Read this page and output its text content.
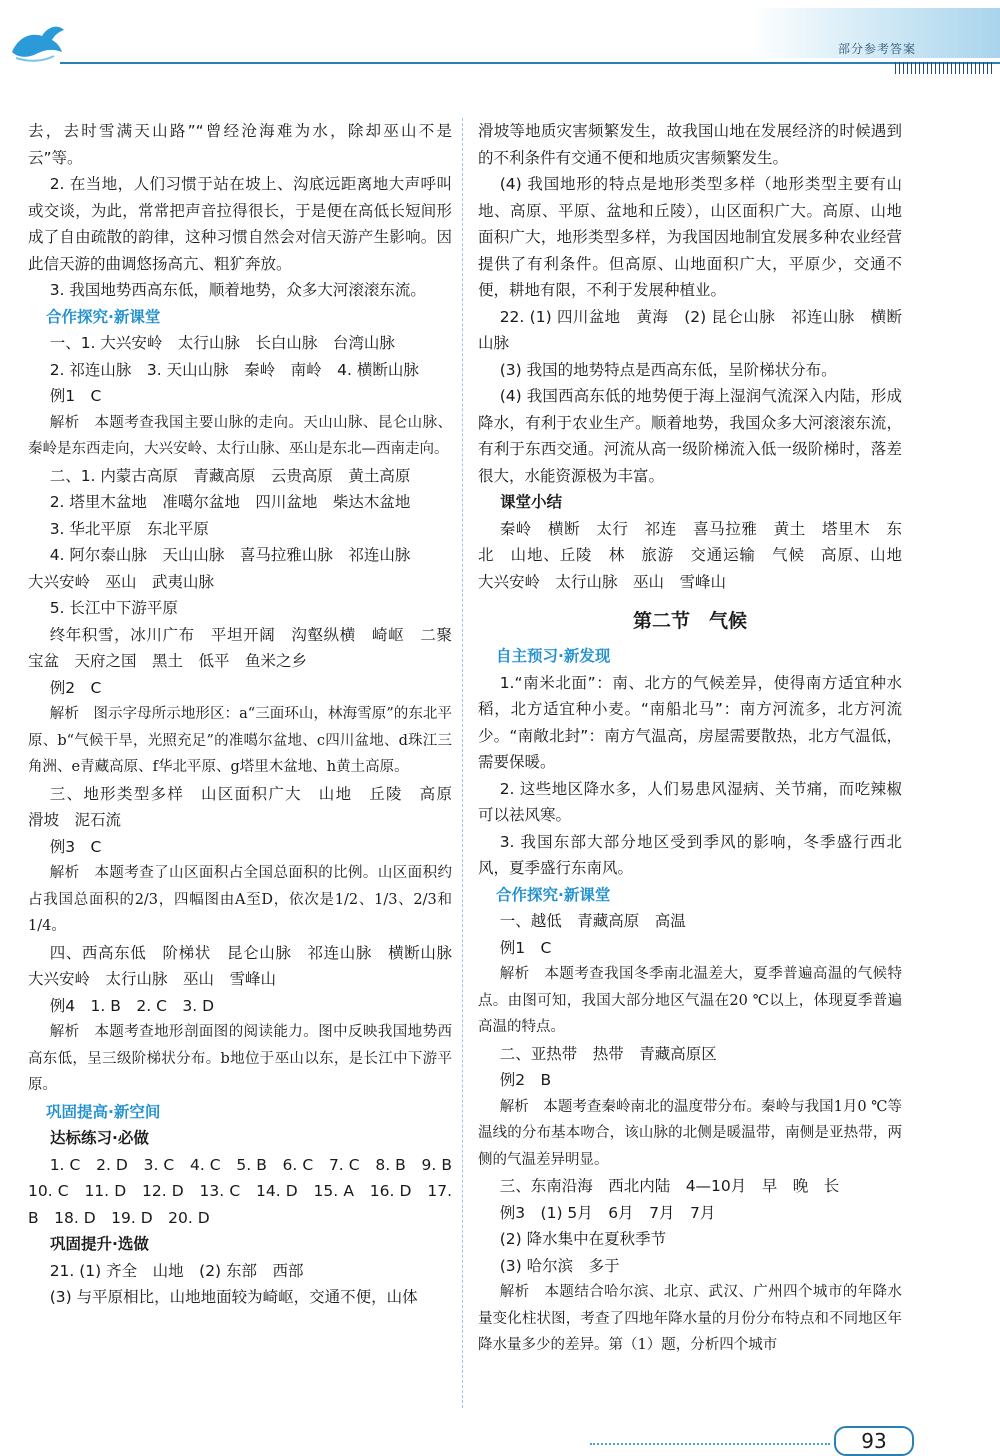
部分参考答案

去，去时雪满天山路”“曾经沧海难为水，除却巫山不是云”等。

2. 在当地，人们习惯于站在坡上、沟底远距离地大声呼叫或交谈，为此，常常把声音拉得很长，于是便在高低长短间形成了自由疏散的韵律，这种习惯自然会对信天游产生影响。因此信天游的曲调悠扬高亢、粗犷奔放。

3. 我国地势西高东低，顺着地势，众多大河滚滚东流。

合作探究·新课堂

一、1. 大兴安岭　太行山脉　长白山脉　台湾山脉

2. 祁连山脉　3. 天山山脉　秦岭　南岭　4. 横断山脉

例1　C

解析　本题考查我国主要山脉的走向。天山山脉、昆仑山脉、秦岭是东西走向，大兴安岭、太行山脉、巫山是东北—西南走向。

二、1. 内蒙古高原　青藏高原　云贵高原　黄土高原

2. 塔里木盆地　准噶尔盆地　四川盆地　柴达木盆地

3. 华北平原　东北平原

4. 阿尔泰山脉　天山山脉　喜马拉雅山脉　祁连山脉

大兴安岭　巫山　武夷山脉

5. 长江中下游平原

终年积雪，冰川广布　平坦开阔　沟壑纵横　崎岖　二聚宝盆　天府之国　黑土　低平　鱼米之乡

例2　C

解析　图示字母所示地形区：a“三面环山，林海雪原”的东北平原、b“气候干旱，光照充足”的准噶尔盆地、c四川盆地、d珠江三角洲、e青藏高原、f华北平原、g塔里木盆地、h黄土高原。

三、地形类型多样　山区面积广大　山地　丘陵　高原　滑坡　泥石流

例3　C

解析　本题考查了山区面积占全国总面积的比例。山区面积约占我国总面积的2/3，四幅图由A至D，依次是1/2、1/3、2/3和1/4。

四、西高东低　阶梯状　昆仑山脉　祁连山脉　横断山脉　大兴安岭　太行山脉　巫山　雪峰山

例4　1. B　2. C　3. D

解析　本题考查地形剖面图的阅读能力。图中反映我国地势西高东低，呈三级阶梯状分布。b地位于巫山以东，是长江中下游平原。

巩固提高·新空间

达标练习·必做

1. C　2. D　3. C　4. C　5. B　6. C　7. C　8. B　9. B　10. C　11. D　12. D　13. C　14. D　15. A　16. D　17. B　18. D　19. D　20. D

巩固提升·选做

21. (1) 齐全　山地　(2) 东部　西部

(3) 与平原相比，山地地面较为崎岖，交通不便，山体

滑坡等地质灾害频繁发生，故我国山地在发展经济的时候遇到的不利条件有交通不便和地质灾害频繁发生。

(4) 我国地形的特点是地形类型多样（地形类型主要有山地、高原、平原、盆地和丘陵），山区面积广大。高原、山地面积广大，地形类型多样，为我国因地制宜发展多种农业经营提供了有利条件。但高原、山地面积广大，平原少，交通不便，耕地有限，不利于发展种植业。

22. (1) 四川盆地　黄海　(2) 昆仑山脉　祁连山脉　横断山脉

(3) 我国的地势特点是西高东低，呈阶梯状分布。

(4) 我国西高东低的地势便于海上湿润气流深入内陆，形成降水，有利于农业生产。顺着地势，我国众多大河滚滚东流，有利于东西交通。河流从高一级阶梯流入低一级阶梯时，落差很大，水能资源极为丰富。

课堂小结

秦岭　横断　太行　祁连　喜马拉雅　黄土　塔里木　东北　山地、丘陵　林　旅游　交通运输　气候　高原、山地　大兴安岭　太行山脉　巫山　雪峰山

第二节　气候

自主预习·新发现

1.“南米北面”：南、北方的气候差异，使得南方适宜种水稻，北方适宜种小麦。“南船北马”：南方河流多，北方河流少。“南敞北封”：南方气温高，房屋需要散热，北方气温低，需要保暖。

2. 这些地区降水多，人们易患风湿病、关节痛，而吃辣椒可以祛风寒。

3. 我国东部大部分地区受到季风的影响，冬季盛行西北风，夏季盛行东南风。

合作探究·新课堂

一、越低　青藏高原　高温

例1　C

解析　本题考查我国冬季南北温差大，夏季普遍高温的气候特点。由图可知，我国大部分地区气温在20 ℃以上，体现夏季普遍高温的特点。

二、亚热带　热带　青藏高原区

例2　B

解析　本题考查秦岭南北的温度带分布。秦岭与我国1月0 ℃等温线的分布基本吻合，该山脉的北侧是暖温带，南侧是亚热带，两侧的气温差异明显。

三、东南沿海　西北内陆　4—10月　早　晚　长

例3　(1) 5月　6月　7月　7月

(2) 降水集中在夏秋季节

(3) 哈尔滨　多于

解析　本题结合哈尔滨、北京、武汉、广州四个城市的年降水量变化柱状图，考查了四地年降水量的月份分布特点和不同地区年降水量多少的差异。第（1）题，分析四个城市

93
